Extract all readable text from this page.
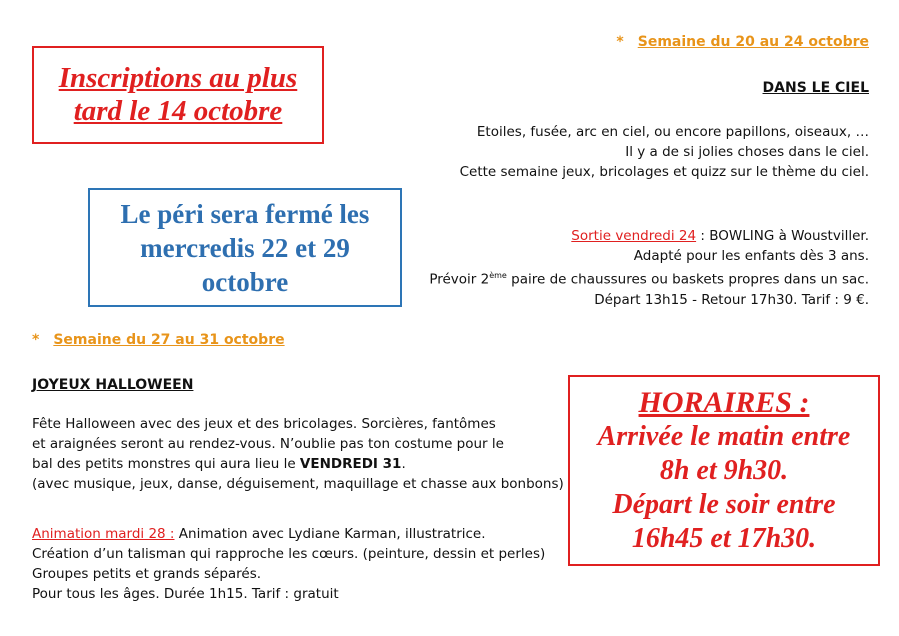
Inscriptions au plus
tard le 14 octobre
Le péri sera fermé les
mercredis 22 et 29
octobre
* Semaine du 20 au 24 octobre
DANS LE CIEL
Etoiles, fusée, arc en ciel, ou encore papillons, oiseaux, …
Il y a de si jolies choses dans le ciel.
Cette semaine jeux, bricolages et quizz sur le thème du ciel.
Sortie vendredi 24 : BOWLING à Woustviller.
Adapté pour les enfants dès 3 ans.
Prévoir 2ème paire de chaussures ou baskets propres dans un sac.
Départ 13h15 - Retour 17h30. Tarif : 9 €.
* Semaine du 27 au 31 octobre
JOYEUX HALLOWEEN
Fête Halloween avec des jeux et des bricolages. Sorcières, fantômes
et araignées seront au rendez-vous. N’oublie pas ton costume pour le
bal des petits monstres qui aura lieu le VENDREDI 31.
(avec musique, jeux, danse, déguisement, maquillage et chasse aux bonbons)
Animation mardi 28 : Animation avec Lydiane Karman, illustratrice.
Création d’un talisman qui rapproche les cœurs. (peinture, dessin et perles)
Groupes petits et grands séparés.
Pour tous les âges. Durée 1h15. Tarif : gratuit
HORAIRES :
Arrivée le matin entre
8h et 9h30.
Départ le soir entre
16h45 et 17h30.
